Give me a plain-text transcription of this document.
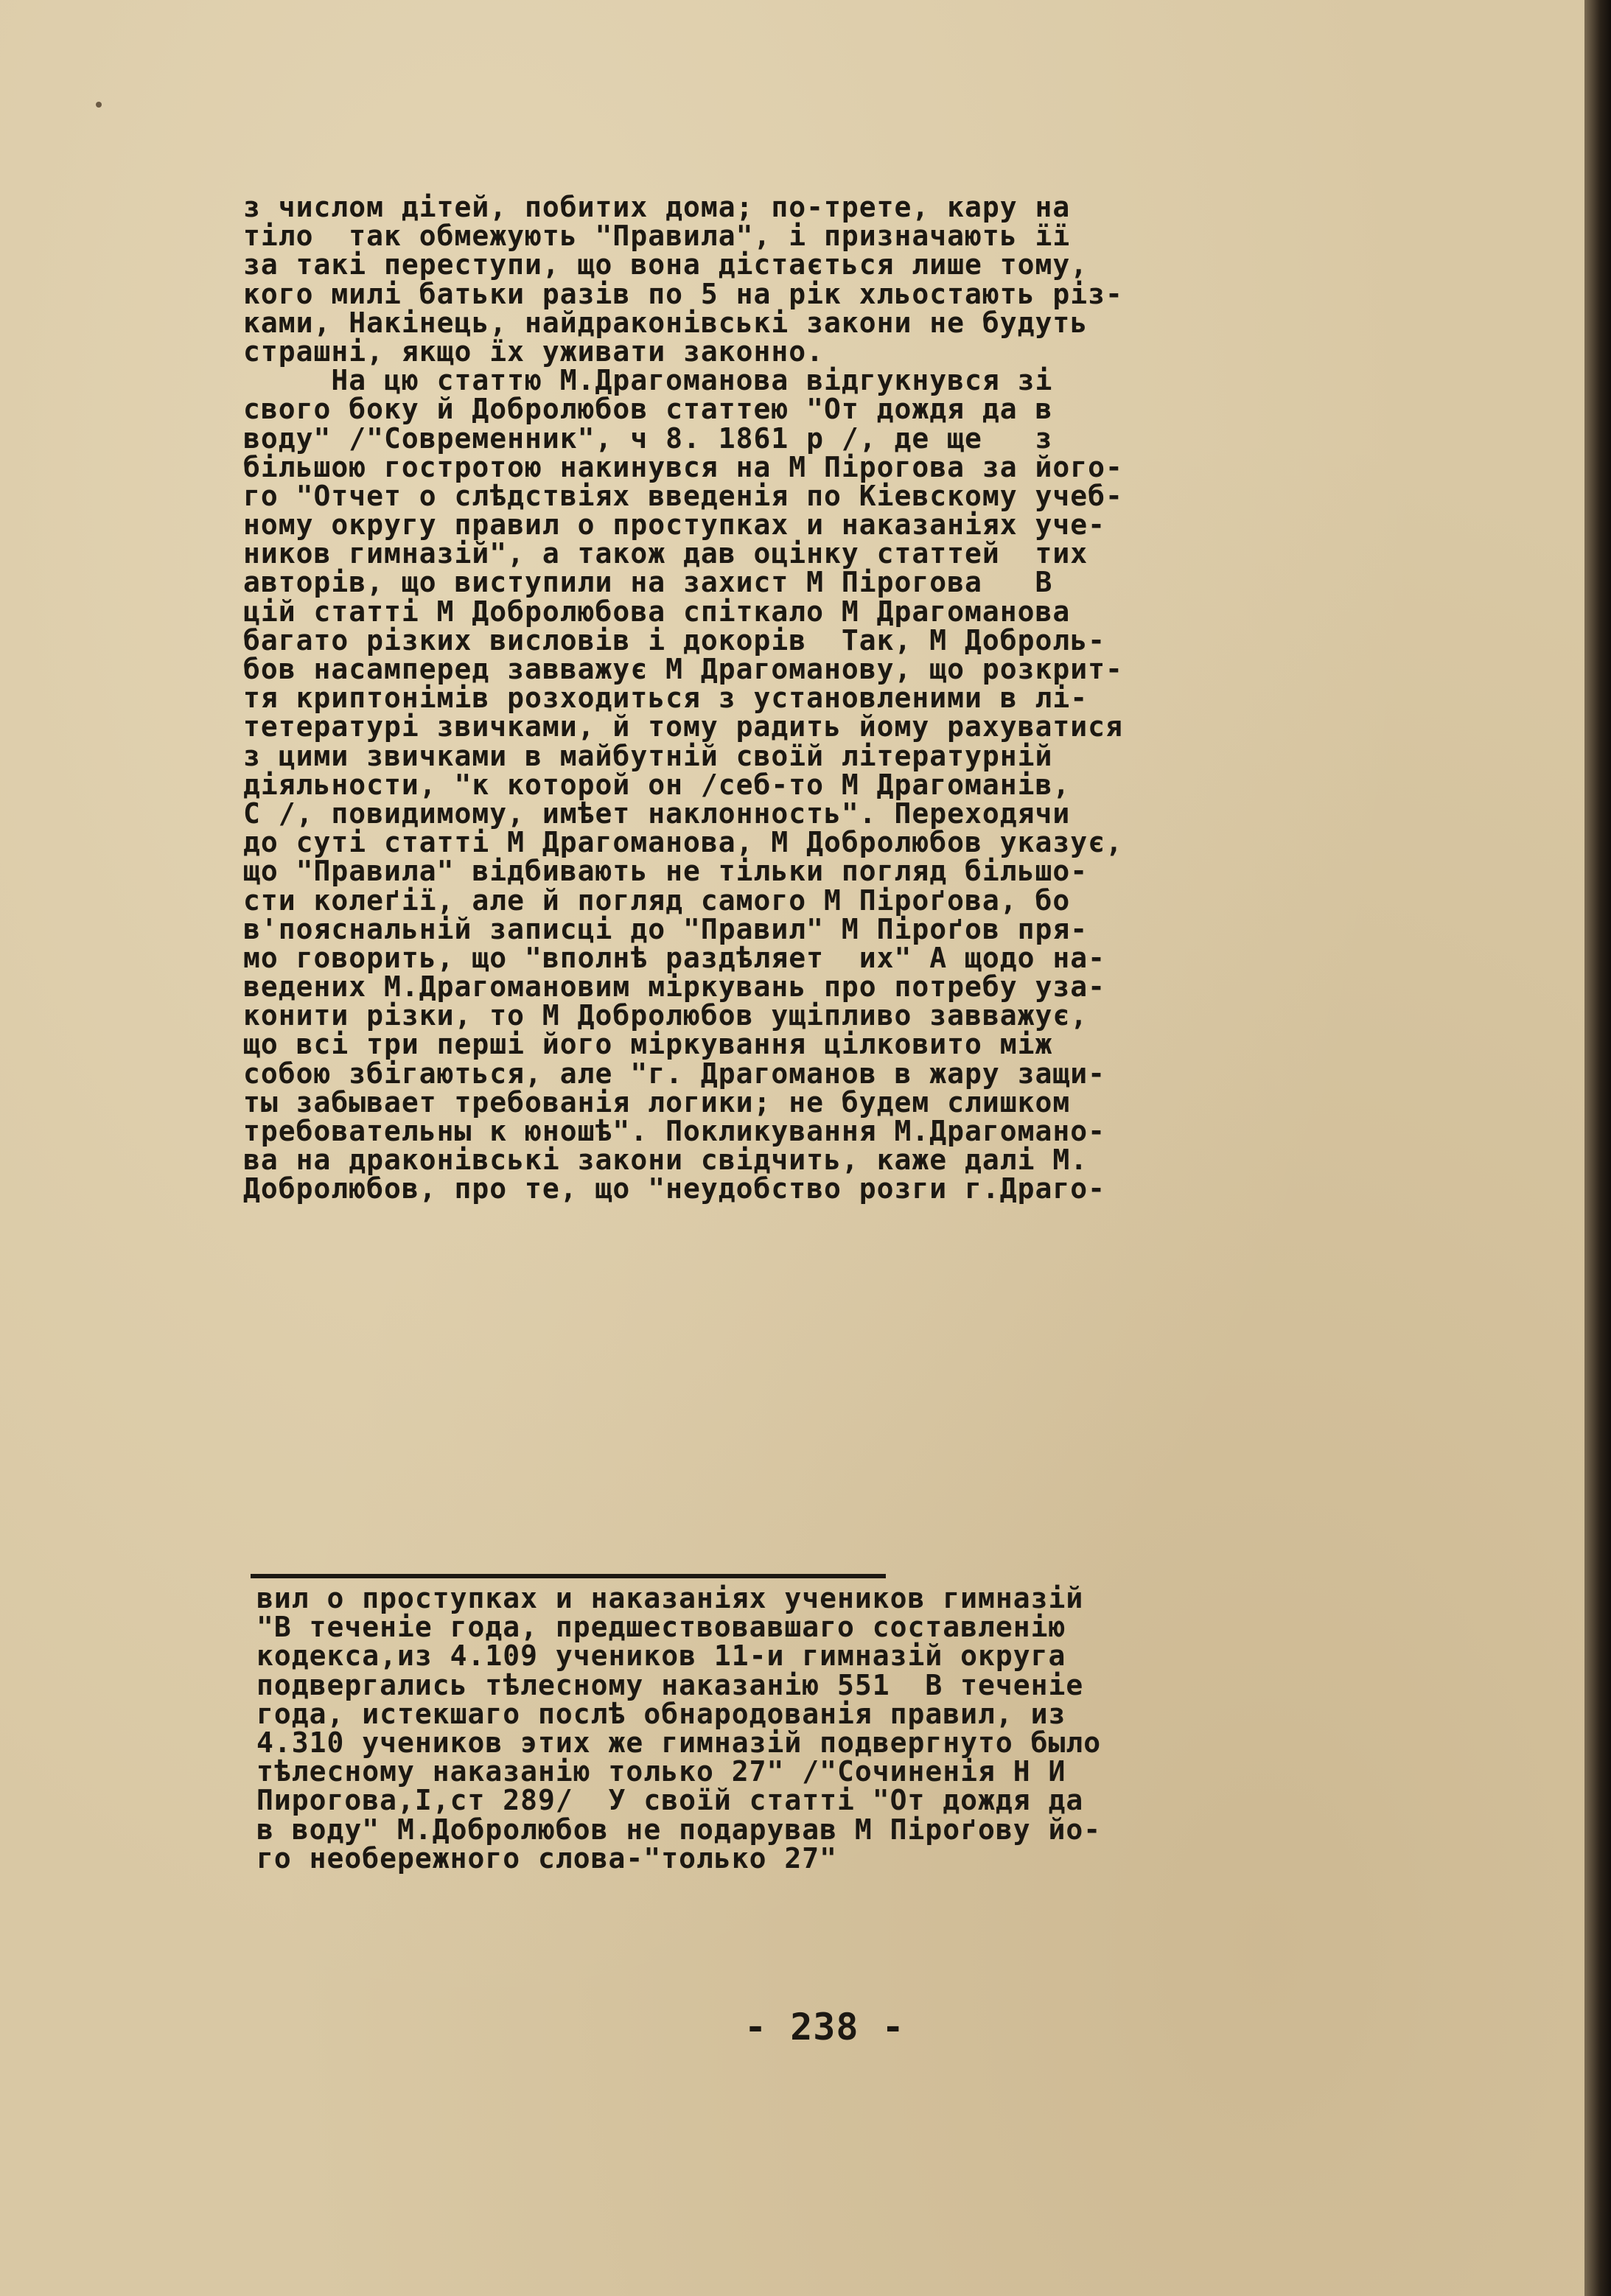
з числом дітей, побитих дома; по-трете, кару на
тіло  так обмежують "Правила", і призначають її
за такі переступи, що вона дістається лише тому,
кого милі батьки разів по 5 на рік хльостають різ-
ками, Накінець, найдраконівські закони не будуть
страшні, якщо їх уживати законно.
На цю статтю М.Драгоманова відгукнувся зі
свого боку й Добролюбов статтею "От дождя да в
воду" /"Современник", ч 8. 1861 р /, де ще   з
більшою гостротою накинувся на М Пірогова за його-
го "Отчет о слѣдствіях введенія по Кіевскому учеб-
ному округу правил о проступках и наказаніях уче-
ников гимназій", а також дав оцінку статтей  тих
авторів, що виступили на захист М Пірогова   В
цій статті М Добролюбова спіткало М Драгоманова
багато різких висловів і докорів  Так, М Доброль-
бов насамперед завважує М Драгоманову, що розкрит-
тя криптонімів розходиться з установленими в лі-
тетературі звичками, й тому радить йому рахуватися
з цими звичками в майбутній своїй літературній
діяльности, "к которой он /себ-то М Драгоманів,
С /, повидимому, имѣет наклонность". Переходячи
до суті статті М Драгоманова, М Добролюбов указує,
що "Правила" відбивають не тільки погляд більшо-
сти колеґії, але й погляд самого М Піроґова, бо
в'пояснальній записці до "Правил" М Піроґов пря-
мо говорить, що "вполнѣ раздѣляет  их" А щодо на-
ведених М.Драгомановим міркувань про потребу уза-
конити різки, то М Добролюбов ущіпливо завважує,
що всі три перші його міркування цілковито між
собою збігаються, але "г. Драгоманов в жару защи-
ты забывает требованія логики; не будем слишком
требовательны к юношѣ". Покликування М.Драгомано-
ва на драконівські закони свідчить, каже далі М.
Добролюбов, про те, що "неудобство розги г.Драго-
вил о проступках и наказаніях учеников гимназій
"В теченіе года, предшествовавшаго составленію
кодекса,из 4.109 учеников 11-и гимназій округа
подвергались тѣлесному наказанію 551  В теченіе
года, истекшаго послѣ обнародованія правил, из
4.310 учеников этих же гимназій подвергнуто было
тѣлесному наказанію только 27" /"Сочиненія Н И
Пирогова,І,ст 289/  У своїй статті "От дождя да
в воду" М.Добролюбов не подарував М Піроґову йо-
го необережного слова-"только 27"
- 238 -
